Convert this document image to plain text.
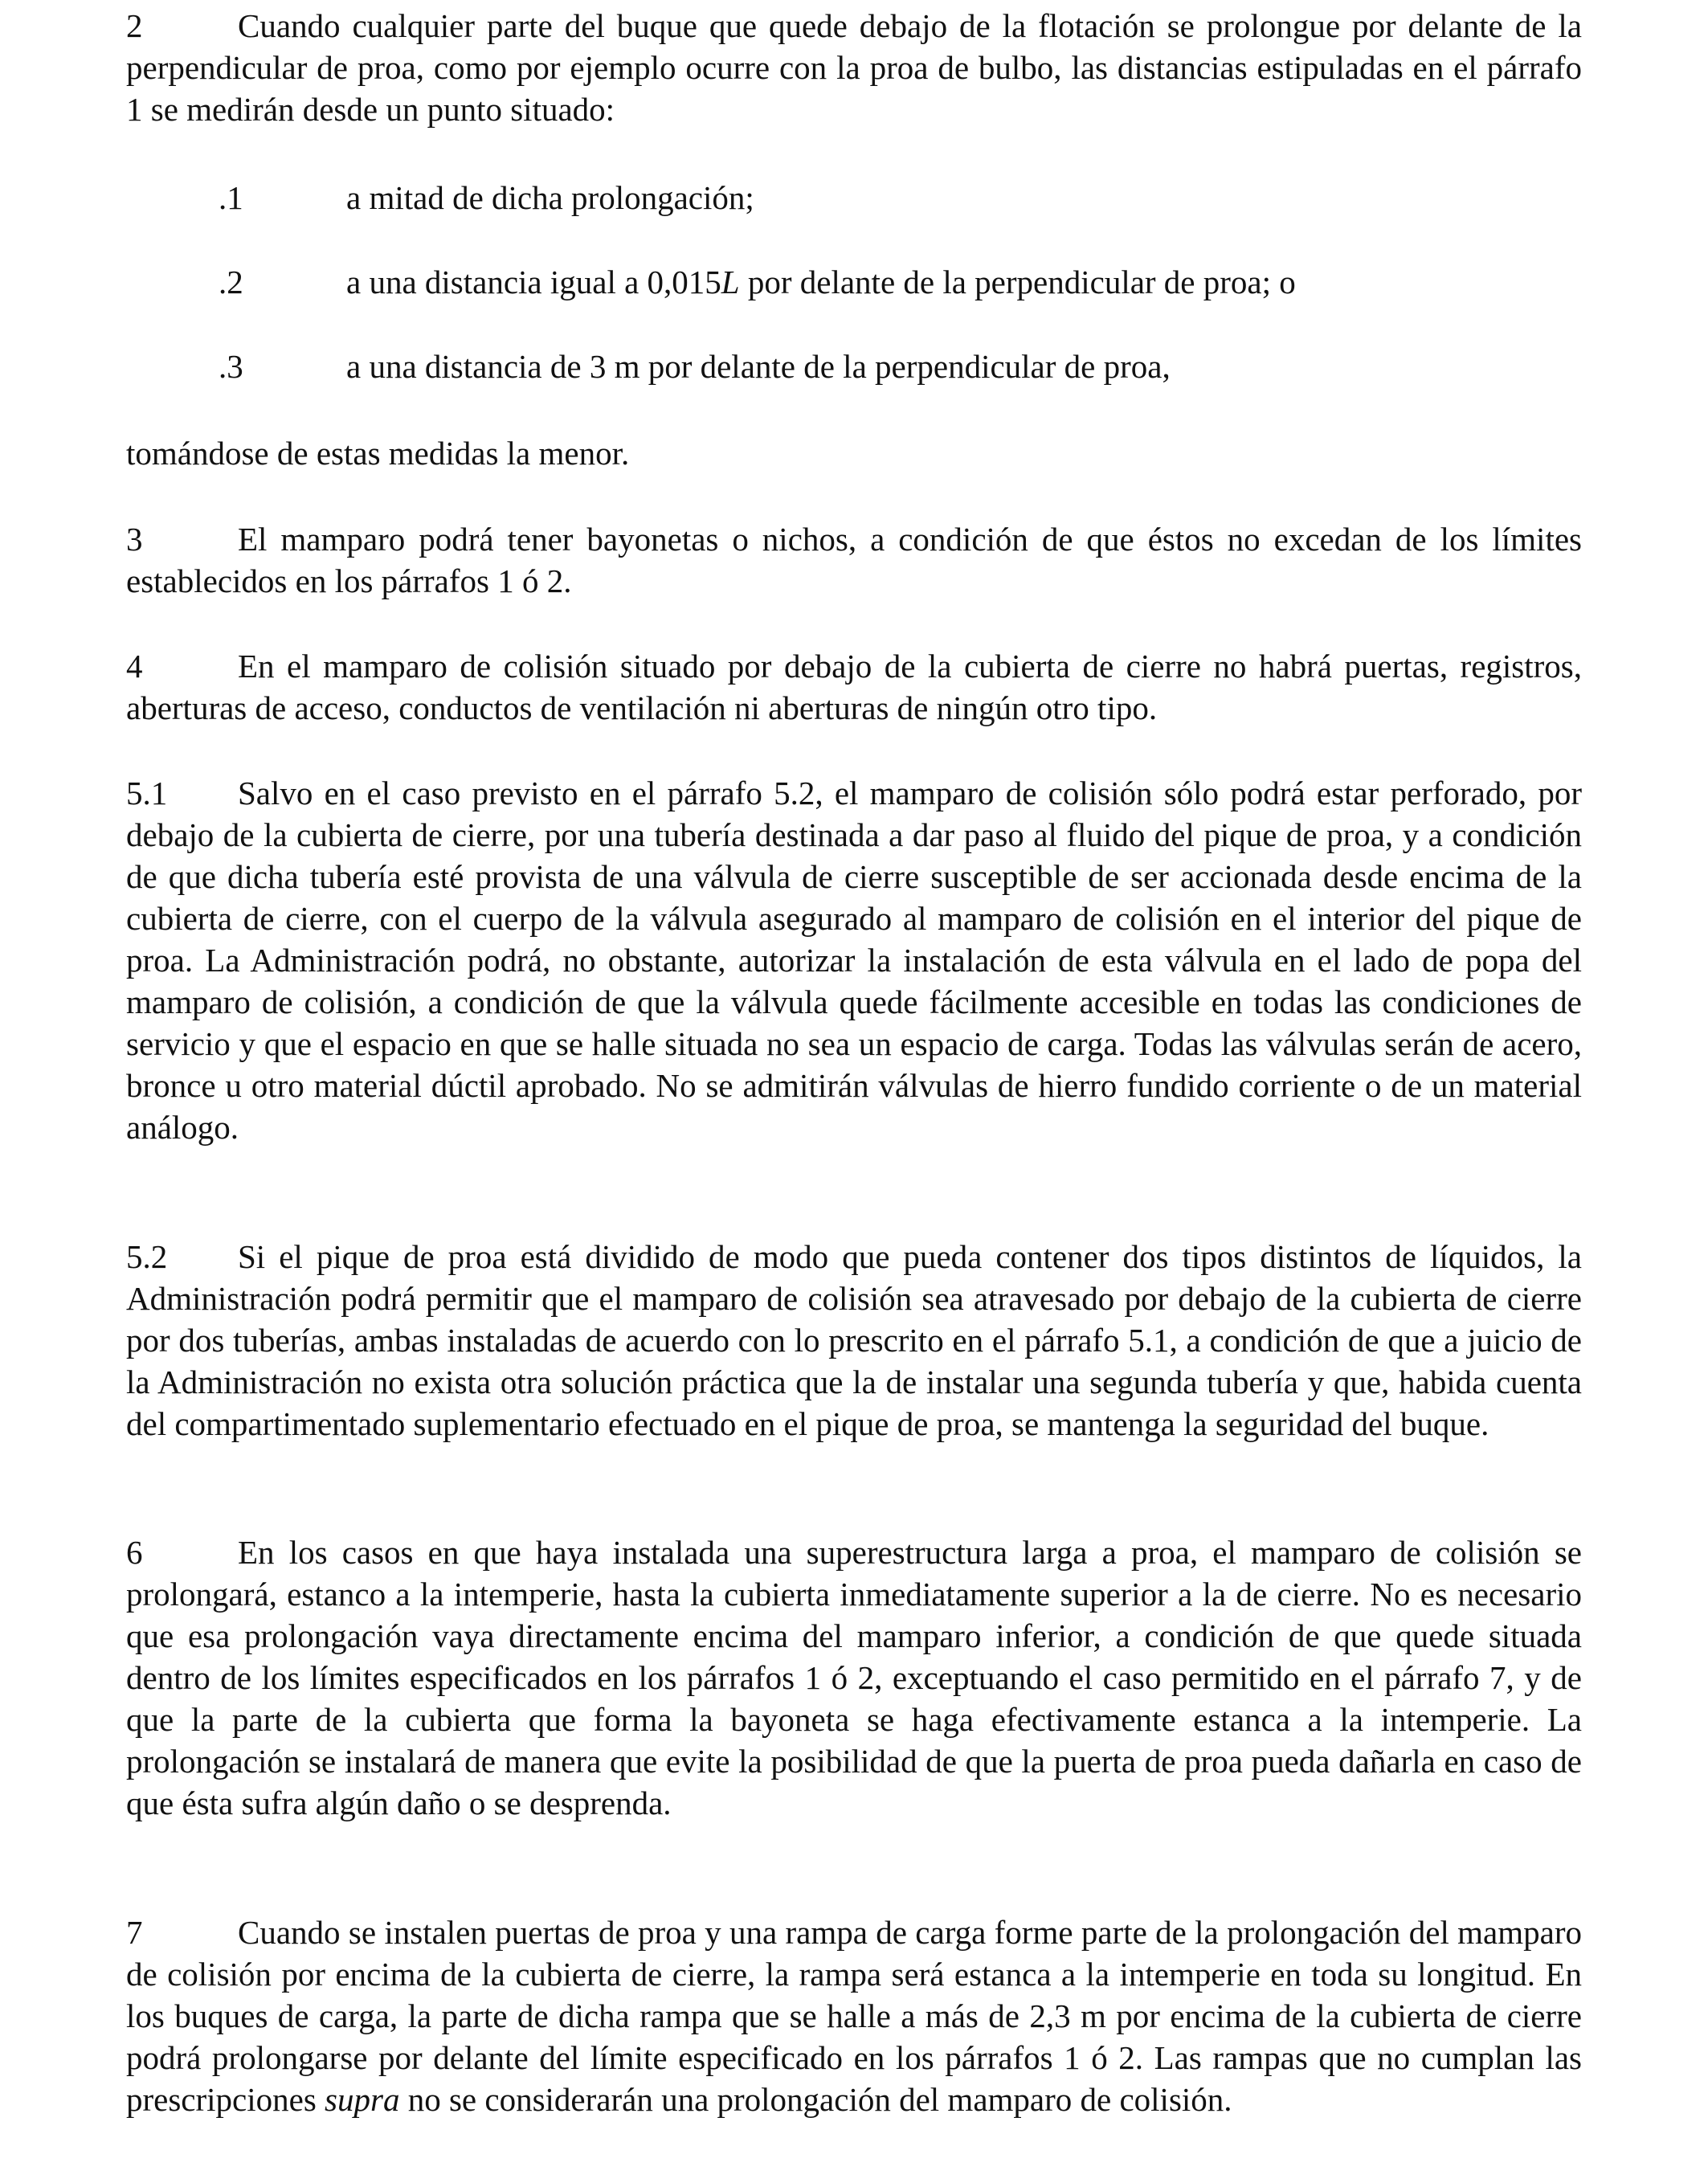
2	Cuando cualquier parte del buque que quede debajo de la flotación se prolongue por delante de la perpendicular de proa, como por ejemplo ocurre con la proa de bulbo, las distancias estipuladas en el párrafo 1 se medirán desde un punto situado:

.1	a mitad de dicha prolongación;

.2	a una distancia igual a 0,015L por delante de la perpendicular de proa; o

.3	a una distancia de 3 m por delante de la perpendicular de proa,

tomándose de estas medidas la menor.

3	El mamparo podrá tener bayonetas o nichos, a condición de que éstos no excedan de los límites establecidos en los párrafos 1 ó 2.

4	En el mamparo de colisión situado por debajo de la cubierta de cierre no habrá puertas, registros, aberturas de acceso, conductos de ventilación ni aberturas de ningún otro tipo.

5.1 Salvo en el caso previsto en el párrafo 5.2, el mamparo de colisión sólo podrá estar perforado, por debajo de la cubierta de cierre, por una tubería destinada a dar paso al fluido del pique de proa, y a condición de que dicha tubería esté provista de una válvula de cierre susceptible de ser accionada desde encima de la cubierta de cierre, con el cuerpo de la válvula asegurado al mamparo de colisión en el interior del pique de proa. La Administración podrá, no obstante, autorizar la instalación de esta válvula en el lado de popa del mamparo de colisión, a condición de que la válvula quede fácilmente accesible en todas las condiciones de servicio y que el espacio en que se halle situada no sea un espacio de carga. Todas las válvulas serán de acero, bronce u otro material dúctil aprobado. No se admitirán válvulas de hierro fundido corriente o de un material análogo.

5.2 Si el pique de proa está dividido de modo que pueda contener dos tipos distintos de líquidos, la Administración podrá permitir que el mamparo de colisión sea atravesado por debajo de la cubierta de cierre por dos tuberías, ambas instaladas de acuerdo con lo prescrito en el párrafo 5.1, a condición de que a juicio de la Administración no exista otra solución práctica que la de instalar una segunda tubería y que, habida cuenta del compartimentado suplementario efectuado en el pique de proa, se mantenga la seguridad del buque.

6	En los casos en que haya instalada una superestructura larga a proa, el mamparo de colisión se prolongará, estanco a la intemperie, hasta la cubierta inmediatamente superior a la de cierre. No es necesario que esa prolongación vaya directamente encima del mamparo inferior, a condición de que quede situada dentro de los límites especificados en los párrafos 1 ó 2, exceptuando el caso permitido en el párrafo 7, y de que la parte de la cubierta que forma la bayoneta se haga efectivamente estanca a la intemperie. La prolongación se instalará de manera que evite la posibilidad de que la puerta de proa pueda dañarla en caso de que ésta sufra algún daño o se desprenda.

7	Cuando se instalen puertas de proa y una rampa de carga forme parte de la prolongación del mamparo de colisión por encima de la cubierta de cierre, la rampa será estanca a la intemperie en toda su longitud. En los buques de carga, la parte de dicha rampa que se halle a más de 2,3 m por encima de la cubierta de cierre podrá prolongarse por delante del límite especificado en los párrafos 1 ó 2. Las rampas que no cumplan las prescripciones supra no se considerarán una prolongación del mamparo de colisión.
